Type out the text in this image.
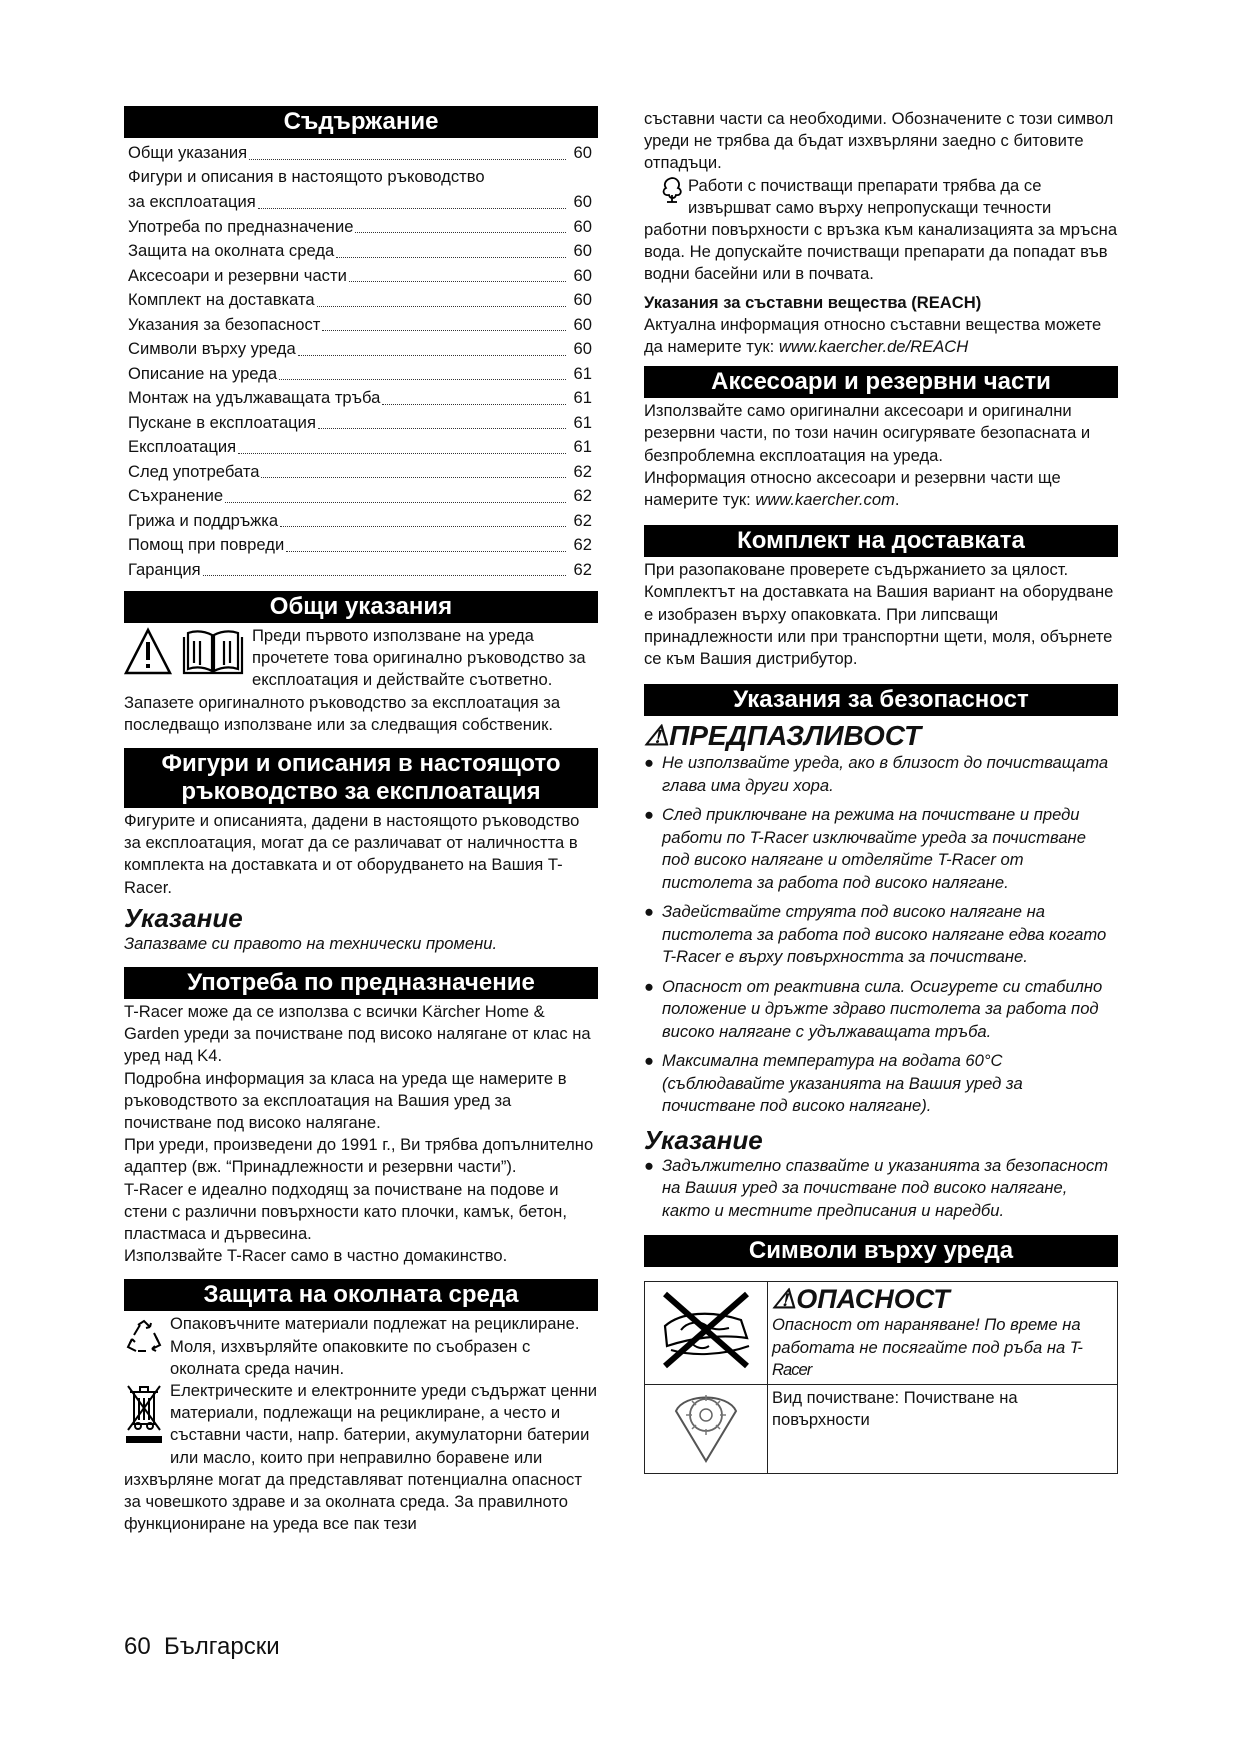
Съдържание
Общи указания	60
Фигури и описания в настоящото ръководство
за експлоатация	60
Употреба по предназначение	60
Защита на околната среда	60
Аксесоари и резервни части	60
Комплект на доставката	60
Указания за безопасност	60
Символи върху уреда	60
Описание на уреда	61
Монтаж на удължаващата тръба	61
Пускане в експлоатация	61
Експлоатация	61
След употребата	62
Съхранение	62
Грижа и поддръжка	62
Помощ при повреди	62
Гаранция	62
Общи указания

Преди първото използване на уреда прочетете това оригинално ръководство за експлоатация и действайте съответно. Запазете оригиналното ръководство за експлоатация за последващо използване или за следващия собственик.

Фигури и описания в настоящото
ръководство за експлоатация

Фигурите и описанията, дадени в настоящото ръководство за експлоатация, могат да се различават от наличността в комплекта на доставката и от оборудването на Вашия T-Racer.

Указание

Запазваме си правото на технически промени.

Употреба по предназначение

T-Racer може да се използва с всички Kärcher Home & Garden уреди за почистване под високо налягане от клас на уред над K4.

Подробна информация за класа на уреда ще намерите в ръководството за експлоатация на Вашия уред за почистване под високо налягане.

При уреди, произведени до 1991 г., Ви трябва допълнително адаптер (вж. “Принадлежности и резервни части”).

T-Racer е идеално подходящ за почистване на подове и стени с различни повърхности като плочки, камък, бетон, пластмаса и дървесина.

Използвайте T-Racer само в частно домакинство.

Защита на околната среда

Опаковъчните материали подлежат на рециклиране. Моля, изхвърляйте опаковките по съобразен с околната среда начин.

Електрическите и електронните уреди съдържат ценни материали, подлежащи на рециклиране, а често и съставни части, напр. батерии, акумулаторни батерии или масло, които при неправилно боравене или изхвърляне могат да представляват потенциална опасност за човешкото здраве и за околната среда. За правилното функциониране на уреда все пак тези

съставни части са необходими. Обозначените с този символ уреди не трябва да бъдат изхвърляни заедно с битовите отпадъци.

Работи с почистващи препарати трябва да се извършват само върху непропускащи течности работни повърхности с връзка към канализацията за мръсна вода. Не допускайте почистващи препарати да попадат във водни басейни или в почвата.

Указания за съставни вещества (REACH)

Актуална информация относно съставни вещества можете да намерите тук: www.kaercher.de/REACH

Аксесоари и резервни части

Използвайте само оригинални аксесоари и оригинални резервни части, по този начин осигурявате безопасната и безпроблемна експлоатация на уреда.

Информация относно аксесоари и резервни части ще намерите тук: www.kaercher.com.

Комплект на доставката

При разопаковане проверете съдържанието за цялост. Комплектът на доставката на Вашия вариант на оборудване е изобразен върху опаковката. При липсващи принадлежности или при транспортни щети, моля, обърнете се към Вашия дистрибутор.

Указания за безопасност
⚠ПРЕДПАЗЛИВОСТ
● Не използвайте уреда, ако в близост до почистващата глава има други хора.
● След приключване на режима на почистване и преди работи по T-Racer изключвайте уреда за почистване под високо налягане и отделяйте T-Racer от пистолета за работа под високо налягане.
● Задействайте струята под високо налягане на пистолета за работа под високо налягане едва когато T-Racer е върху повърхността за почистване.
● Опасност от реактивна сила. Осигурете си стабилно положение и дръжте здраво пистолета за работа под високо налягане с удължаващата тръба.
● Максимална температура на водата 60°C (съблюдавайте указанията на Вашия уред за почистване под високо налягане).
Указание
● Задължително спазвайте и указанията за безопасност на Вашия уред за почистване под високо налягане, както и местните предписания и наредби.
Символи върху уреда

⚠ОПАСНОСТ

Опасност от нараняване! По време на работата не посягайте под ръба на T-Racer

Вид почистване: Почистване на повърхности

60 Български
